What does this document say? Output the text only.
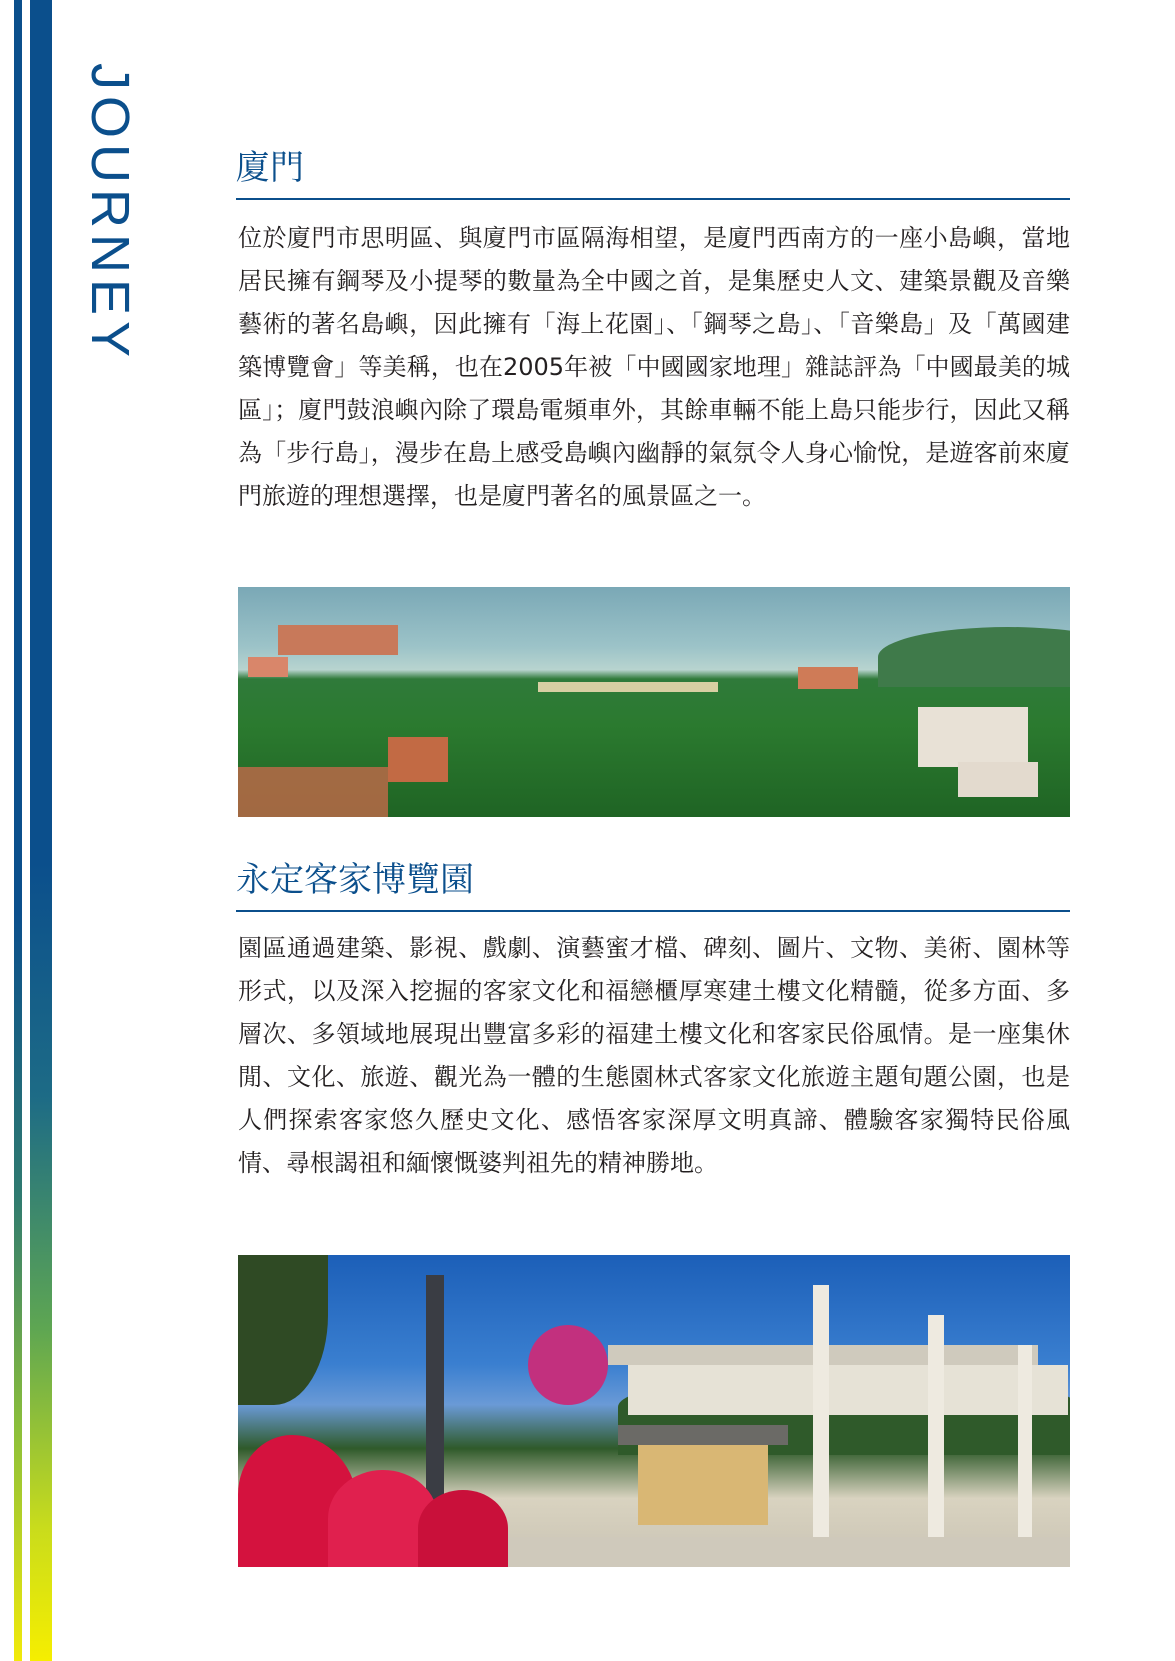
JOURNEY	廈門

位於廈門市思明區、與廈門市區隔海相望，是廈門西南方的一座小島嶼，當地居民擁有鋼琴及小提琴的數量為全中國之首，是集歷史人文、建築景觀及音樂藝術的著名島嶼，因此擁有「海上花園」、「鋼琴之島」、「音樂島」及「萬國建築博覽會」等美稱，也在2005年被「中國國家地理」雜誌評為「中國最美的城區」；廈門鼓浪嶼內除了環島電頻車外，其餘車輛不能上島只能步行，因此又稱為「步行島」，漫步在島上感受島嶼內幽靜的氣氛令人身心愉悅，是遊客前來廈門旅遊的理想選擇，也是廈門著名的風景區之一。

永定客家博覽園

園區通過建築、影視、戲劇、演藝蜜才檔、碑刻、圖片、文物、美術、園林等形式，以及深入挖掘的客家文化和福戀櫃厚寒建土樓文化精髓，從多方面、多層次、多領域地展現出豐富多彩的福建土樓文化和客家民俗風情。是一座集休閒、文化、旅遊、觀光為一體的生態園林式客家文化旅遊主題旬題公園，也是人們探索客家悠久歷史文化、感悟客家深厚文明真諦、體驗客家獨特民俗風情、尋根謁祖和緬懷慨婆判祖先的精神勝地。
